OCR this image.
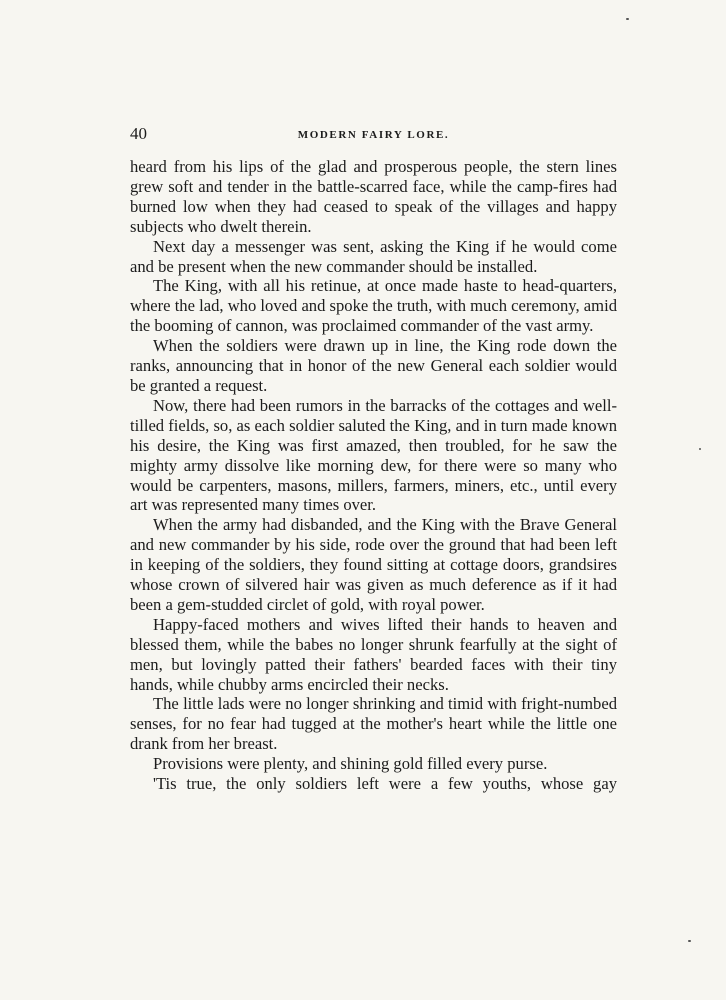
40	MODERN FAIRY LORE.

heard from his lips of the glad and prosperous people, the stern lines grew soft and tender in the battle-scarred face, while the camp-fires had burned low when they had ceased to speak of the villages and happy subjects who dwelt therein.

Next day a messenger was sent, asking the King if he would come and be present when the new commander should be installed.

The King, with all his retinue, at once made haste to head-quarters, where the lad, who loved and spoke the truth, with much ceremony, amid the booming of cannon, was proclaimed commander of the vast army.

When the soldiers were drawn up in line, the King rode down the ranks, announcing that in honor of the new General each soldier would be granted a request.

Now, there had been rumors in the barracks of the cottages and well-tilled fields, so, as each soldier saluted the King, and in turn made known his desire, the King was first amazed, then troubled, for he saw the mighty army dissolve like morning dew, for there were so many who would be carpenters, masons, millers, farmers, miners, etc., until every art was represented many times over.

When the army had disbanded, and the King with the Brave General and new commander by his side, rode over the ground that had been left in keeping of the soldiers, they found sitting at cottage doors, grandsires whose crown of silvered hair was given as much deference as if it had been a gem-studded circlet of gold, with royal power.

Happy-faced mothers and wives lifted their hands to heaven and blessed them, while the babes no longer shrunk fearfully at the sight of men, but lovingly patted their fathers' bearded faces with their tiny hands, while chubby arms encircled their necks.

The little lads were no longer shrinking and timid with fright-numbed senses, for no fear had tugged at the mother's heart while the little one drank from her breast.

Provisions were plenty, and shining gold filled every purse.

'Tis true, the only soldiers left were a few youths, whose gay
